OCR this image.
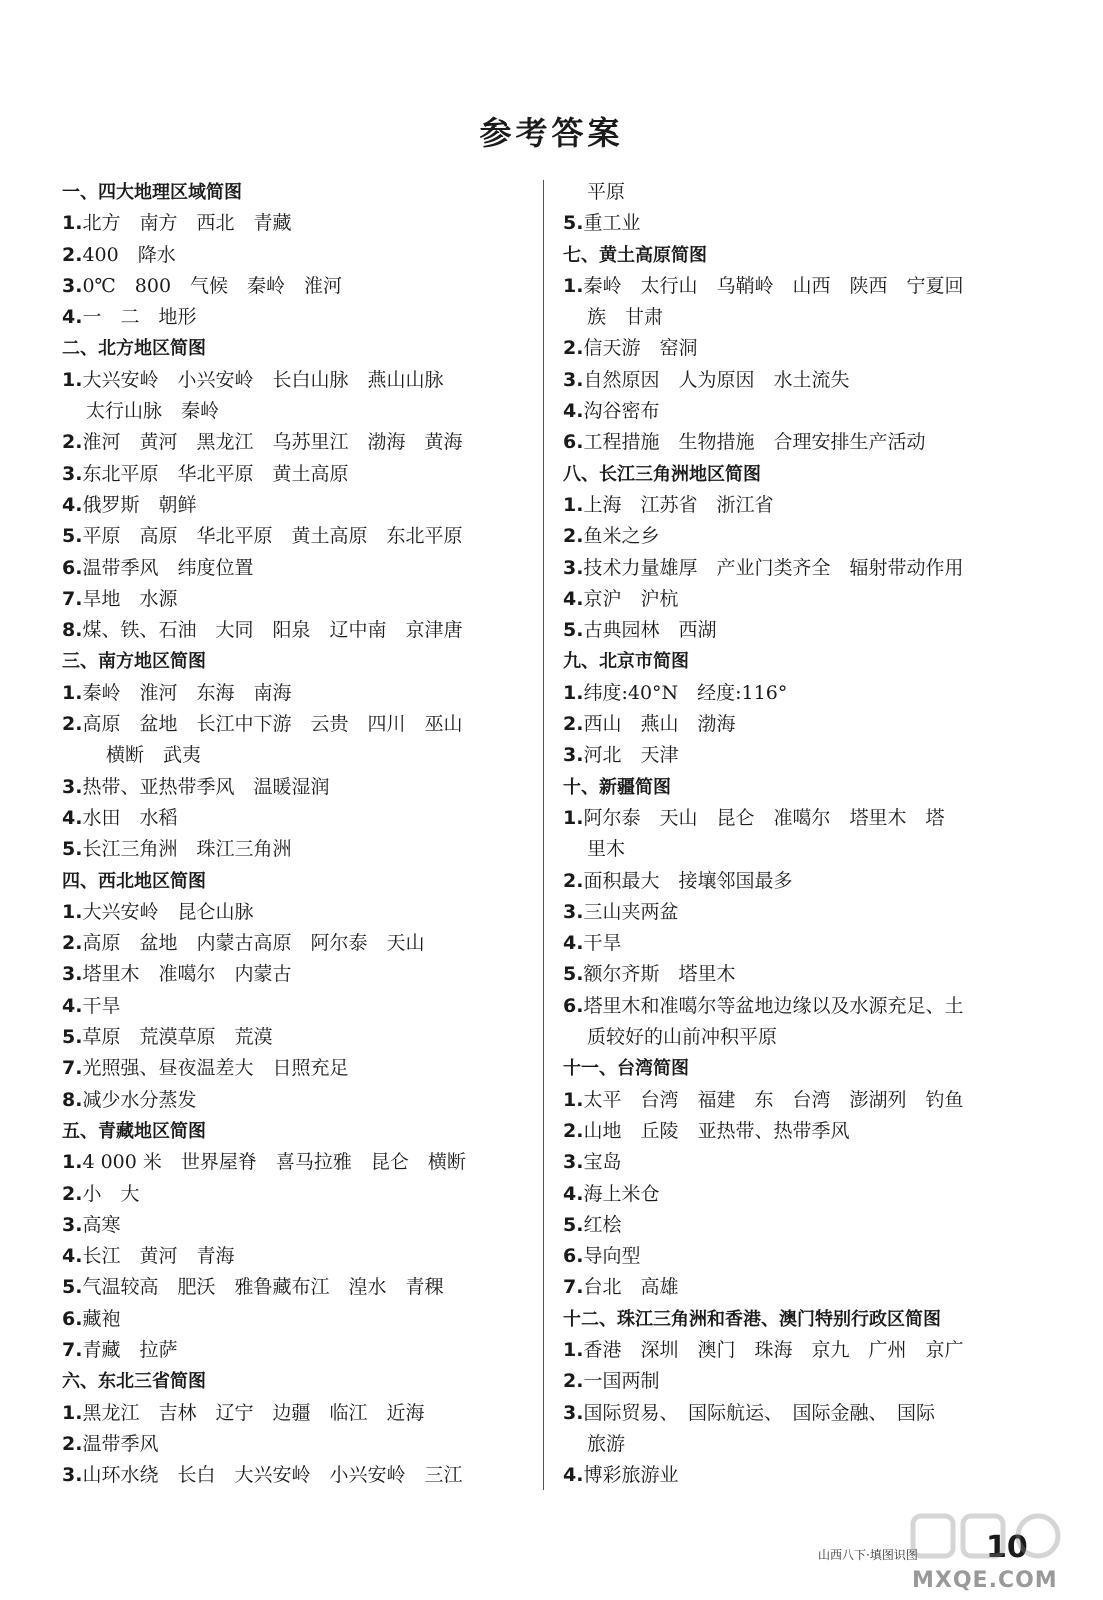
参考答案
一、四大地理区域简图
1.北方　南方　西北　青藏
2.400　降水
3.0℃　800　气候　秦岭　淮河
4.一　二　地形
二、北方地区简图
1.大兴安岭　小兴安岭　长白山脉　燕山山脉
太行山脉　秦岭
2.淮河　黄河　黑龙江　乌苏里江　渤海　黄海
3.东北平原　华北平原　黄土高原
4.俄罗斯　朝鲜
5.平原　高原　华北平原　黄土高原　东北平原
6.温带季风　纬度位置
7.旱地　水源
8.煤、铁、石油　大同　阳泉　辽中南　京津唐
三、南方地区简图
1.秦岭　淮河　东海　南海
2.高原　盆地　长江中下游　云贵　四川　巫山
横断　武夷
3.热带、亚热带季风　温暖湿润
4.水田　水稻
5.长江三角洲　珠江三角洲
四、西北地区简图
1.大兴安岭　昆仑山脉
2.高原　盆地　内蒙古高原　阿尔泰　天山
3.塔里木　准噶尔　内蒙古
4.干旱
5.草原　荒漠草原　荒漠
7.光照强、昼夜温差大　日照充足
8.减少水分蒸发
五、青藏地区简图
1.4 000 米　世界屋脊　喜马拉雅　昆仑　横断
2.小　大
3.高寒
4.长江　黄河　青海
5.气温较高　肥沃　雅鲁藏布江　湟水　青稞
6.藏袍
7.青藏　拉萨
六、东北三省简图
1.黑龙江　吉林　辽宁　边疆　临江　近海
2.温带季风
3.山环水绕　长白　大兴安岭　小兴安岭　三江
平原
5.重工业
七、黄土高原简图
1.秦岭　太行山　乌鞘岭　山西　陕西　宁夏回
族　甘肃
2.信天游　窑洞
3.自然原因　人为原因　水土流失
4.沟谷密布
6.工程措施　生物措施　合理安排生产活动
八、长江三角洲地区简图
1.上海　江苏省　浙江省
2.鱼米之乡
3.技术力量雄厚　产业门类齐全　辐射带动作用
4.京沪　沪杭
5.古典园林　西湖
九、北京市简图
1.纬度:40°N　经度:116°
2.西山　燕山　渤海
3.河北　天津
十、新疆简图
1.阿尔泰　天山　昆仑　准噶尔　塔里木　塔
里木
2.面积最大　接壤邻国最多
3.三山夹两盆
4.干旱
5.额尔齐斯　塔里木
6.塔里木和准噶尔等盆地边缘以及水源充足、土
质较好的山前冲积平原
十一、台湾简图
1.太平　台湾　福建　东　台湾　澎湖列　钓鱼
2.山地　丘陵　亚热带、热带季风
3.宝岛
4.海上米仓
5.红桧
6.导向型
7.台北　高雄
十二、珠江三角洲和香港、澳门特别行政区简图
1.香港　深圳　澳门　珠海　京九　广州　京广
2.一国两制
3.国际贸易、　国际航运、　国际金融、　国际
旅游
4.博彩旅游业
山西八下·填图识图 10
MXQE.COM
